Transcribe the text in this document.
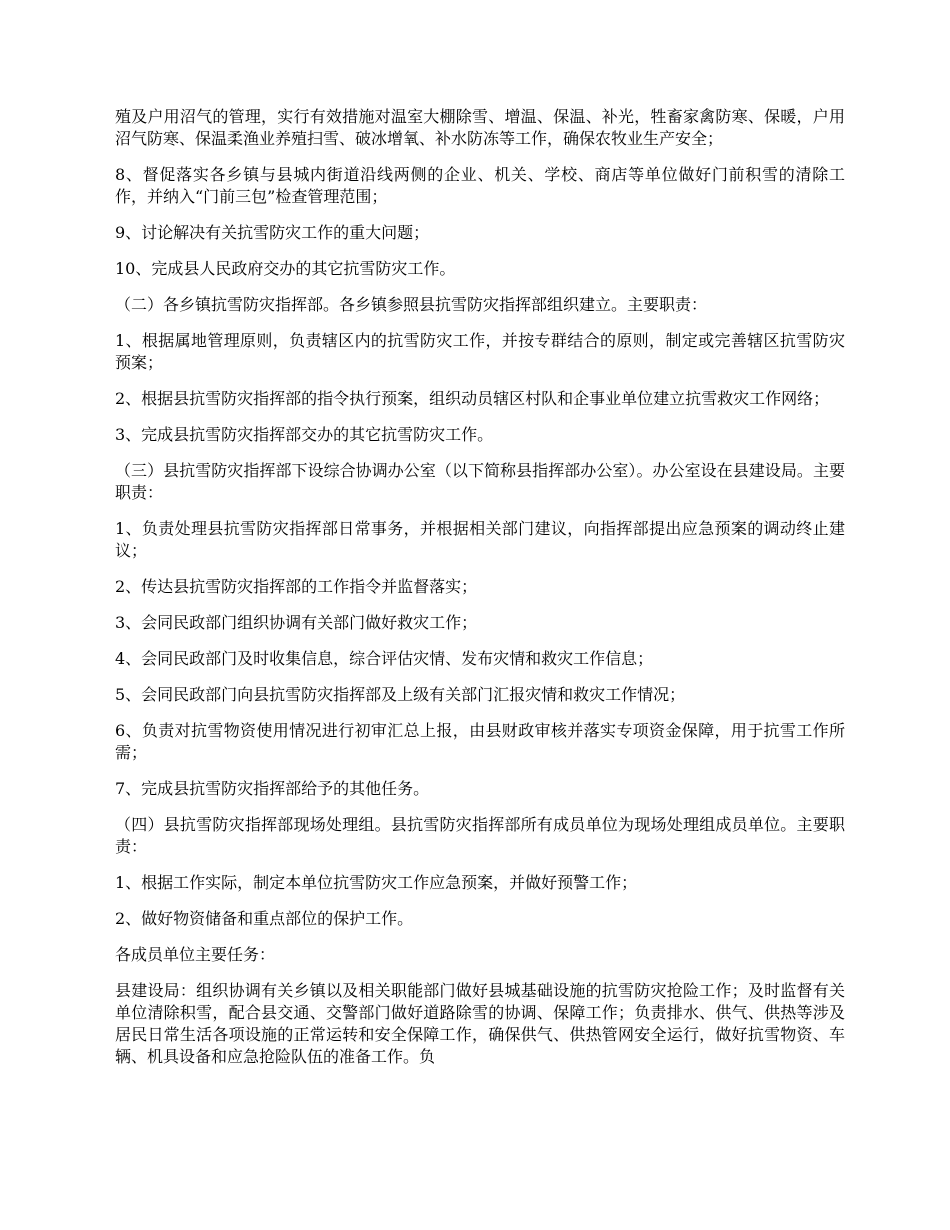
殖及户用沼气的管理，实行有效措施对温室大棚除雪、增温、保温、补光，牲畜家禽防寒、保暖，户用沼气防寒、保温柔渔业养殖扫雪、破冰增氧、补水防冻等工作，确保农牧业生产安全；

8、督促落实各乡镇与县城内街道沿线两侧的企业、机关、学校、商店等单位做好门前积雪的清除工作，并纳入“门前三包”检查管理范围；

9、讨论解决有关抗雪防灾工作的重大问题；

10、完成县人民政府交办的其它抗雪防灾工作。

（二）各乡镇抗雪防灾指挥部。各乡镇参照县抗雪防灾指挥部组织建立。主要职责：

1、根据属地管理原则，负责辖区内的抗雪防灾工作，并按专群结合的原则，制定或完善辖区抗雪防灾预案；

2、根据县抗雪防灾指挥部的指令执行预案，组织动员辖区村队和企事业单位建立抗雪救灾工作网络；

3、完成县抗雪防灾指挥部交办的其它抗雪防灾工作。

（三）县抗雪防灾指挥部下设综合协调办公室（以下简称县指挥部办公室）。办公室设在县建设局。主要职责：

1、负责处理县抗雪防灾指挥部日常事务，并根据相关部门建议，向指挥部提出应急预案的调动终止建议；

2、传达县抗雪防灾指挥部的工作指令并监督落实；

3、会同民政部门组织协调有关部门做好救灾工作；

4、会同民政部门及时收集信息，综合评估灾情、发布灾情和救灾工作信息；

5、会同民政部门向县抗雪防灾指挥部及上级有关部门汇报灾情和救灾工作情况；

6、负责对抗雪物资使用情况进行初审汇总上报，由县财政审核并落实专项资金保障，用于抗雪工作所需；

7、完成县抗雪防灾指挥部给予的其他任务。

（四）县抗雪防灾指挥部现场处理组。县抗雪防灾指挥部所有成员单位为现场处理组成员单位。主要职责：

1、根据工作实际，制定本单位抗雪防灾工作应急预案，并做好预警工作；

2、做好物资储备和重点部位的保护工作。

各成员单位主要任务：

县建设局：组织协调有关乡镇以及相关职能部门做好县城基础设施的抗雪防灾抢险工作；及时监督有关单位清除积雪，配合县交通、交警部门做好道路除雪的协调、保障工作；负责排水、供气、供热等涉及居民日常生活各项设施的正常运转和安全保障工作，确保供气、供热管网安全运行，做好抗雪物资、车辆、机具设备和应急抢险队伍的准备工作。负
